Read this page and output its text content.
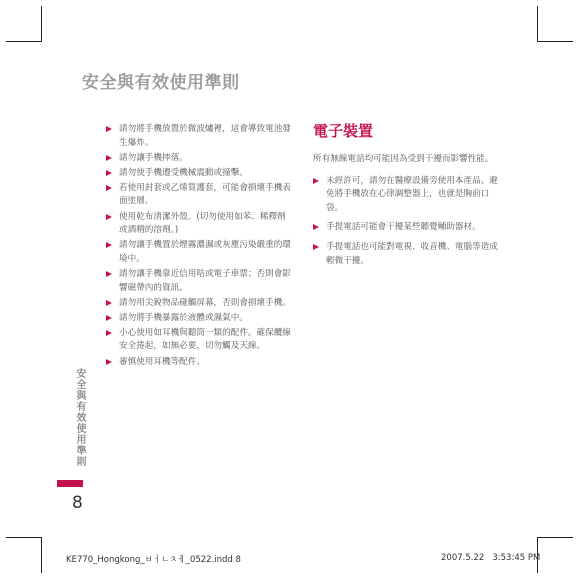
安全與有效使用準則
請勿將手機放置於微波爐裡，這會導致電池發生爆炸。
請勿讓手機摔落。
請勿使手機遭受機械震動或撞擊。
若使用封套或乙烯質護套，可能會損壞手機表面塗層。
使用乾布清潔外殼。(切勿使用如苯、稀釋劑或酒精的溶劑。)
請勿讓手機置於煙霧濃濕或灰塵污染嚴重的環境中。
請勿讓手機靠近信用咭或電子車票；否則會影響磁帶內的資訊。
請勿用尖銳物品碰觸屏幕，否則會損壞手機。
請勿將手機暴露於液體或濕氣中。
小心使用如耳機與聽筒一類的配件。確保纜線安全捲起，如無必要，切勿觸及天線。
審慎使用耳機等配件。
電子裝置

所有無線電話均可能因為受到干擾而影響性能。

未經許可，請勿在醫療設備旁使用本產品。避免將手機放在心律調整器上，也就是胸前口袋。
手提電話可能會干擾某些聽覺輔助器材。
手提電話也可能對電視、收音機、電腦等造成輕微干擾。
安全與有效使用準則
8
KE770_Hongkong_ㅂㅓㄴㅊㅔ_0522.indd 8	2007.5.22   3:53:45 PM
